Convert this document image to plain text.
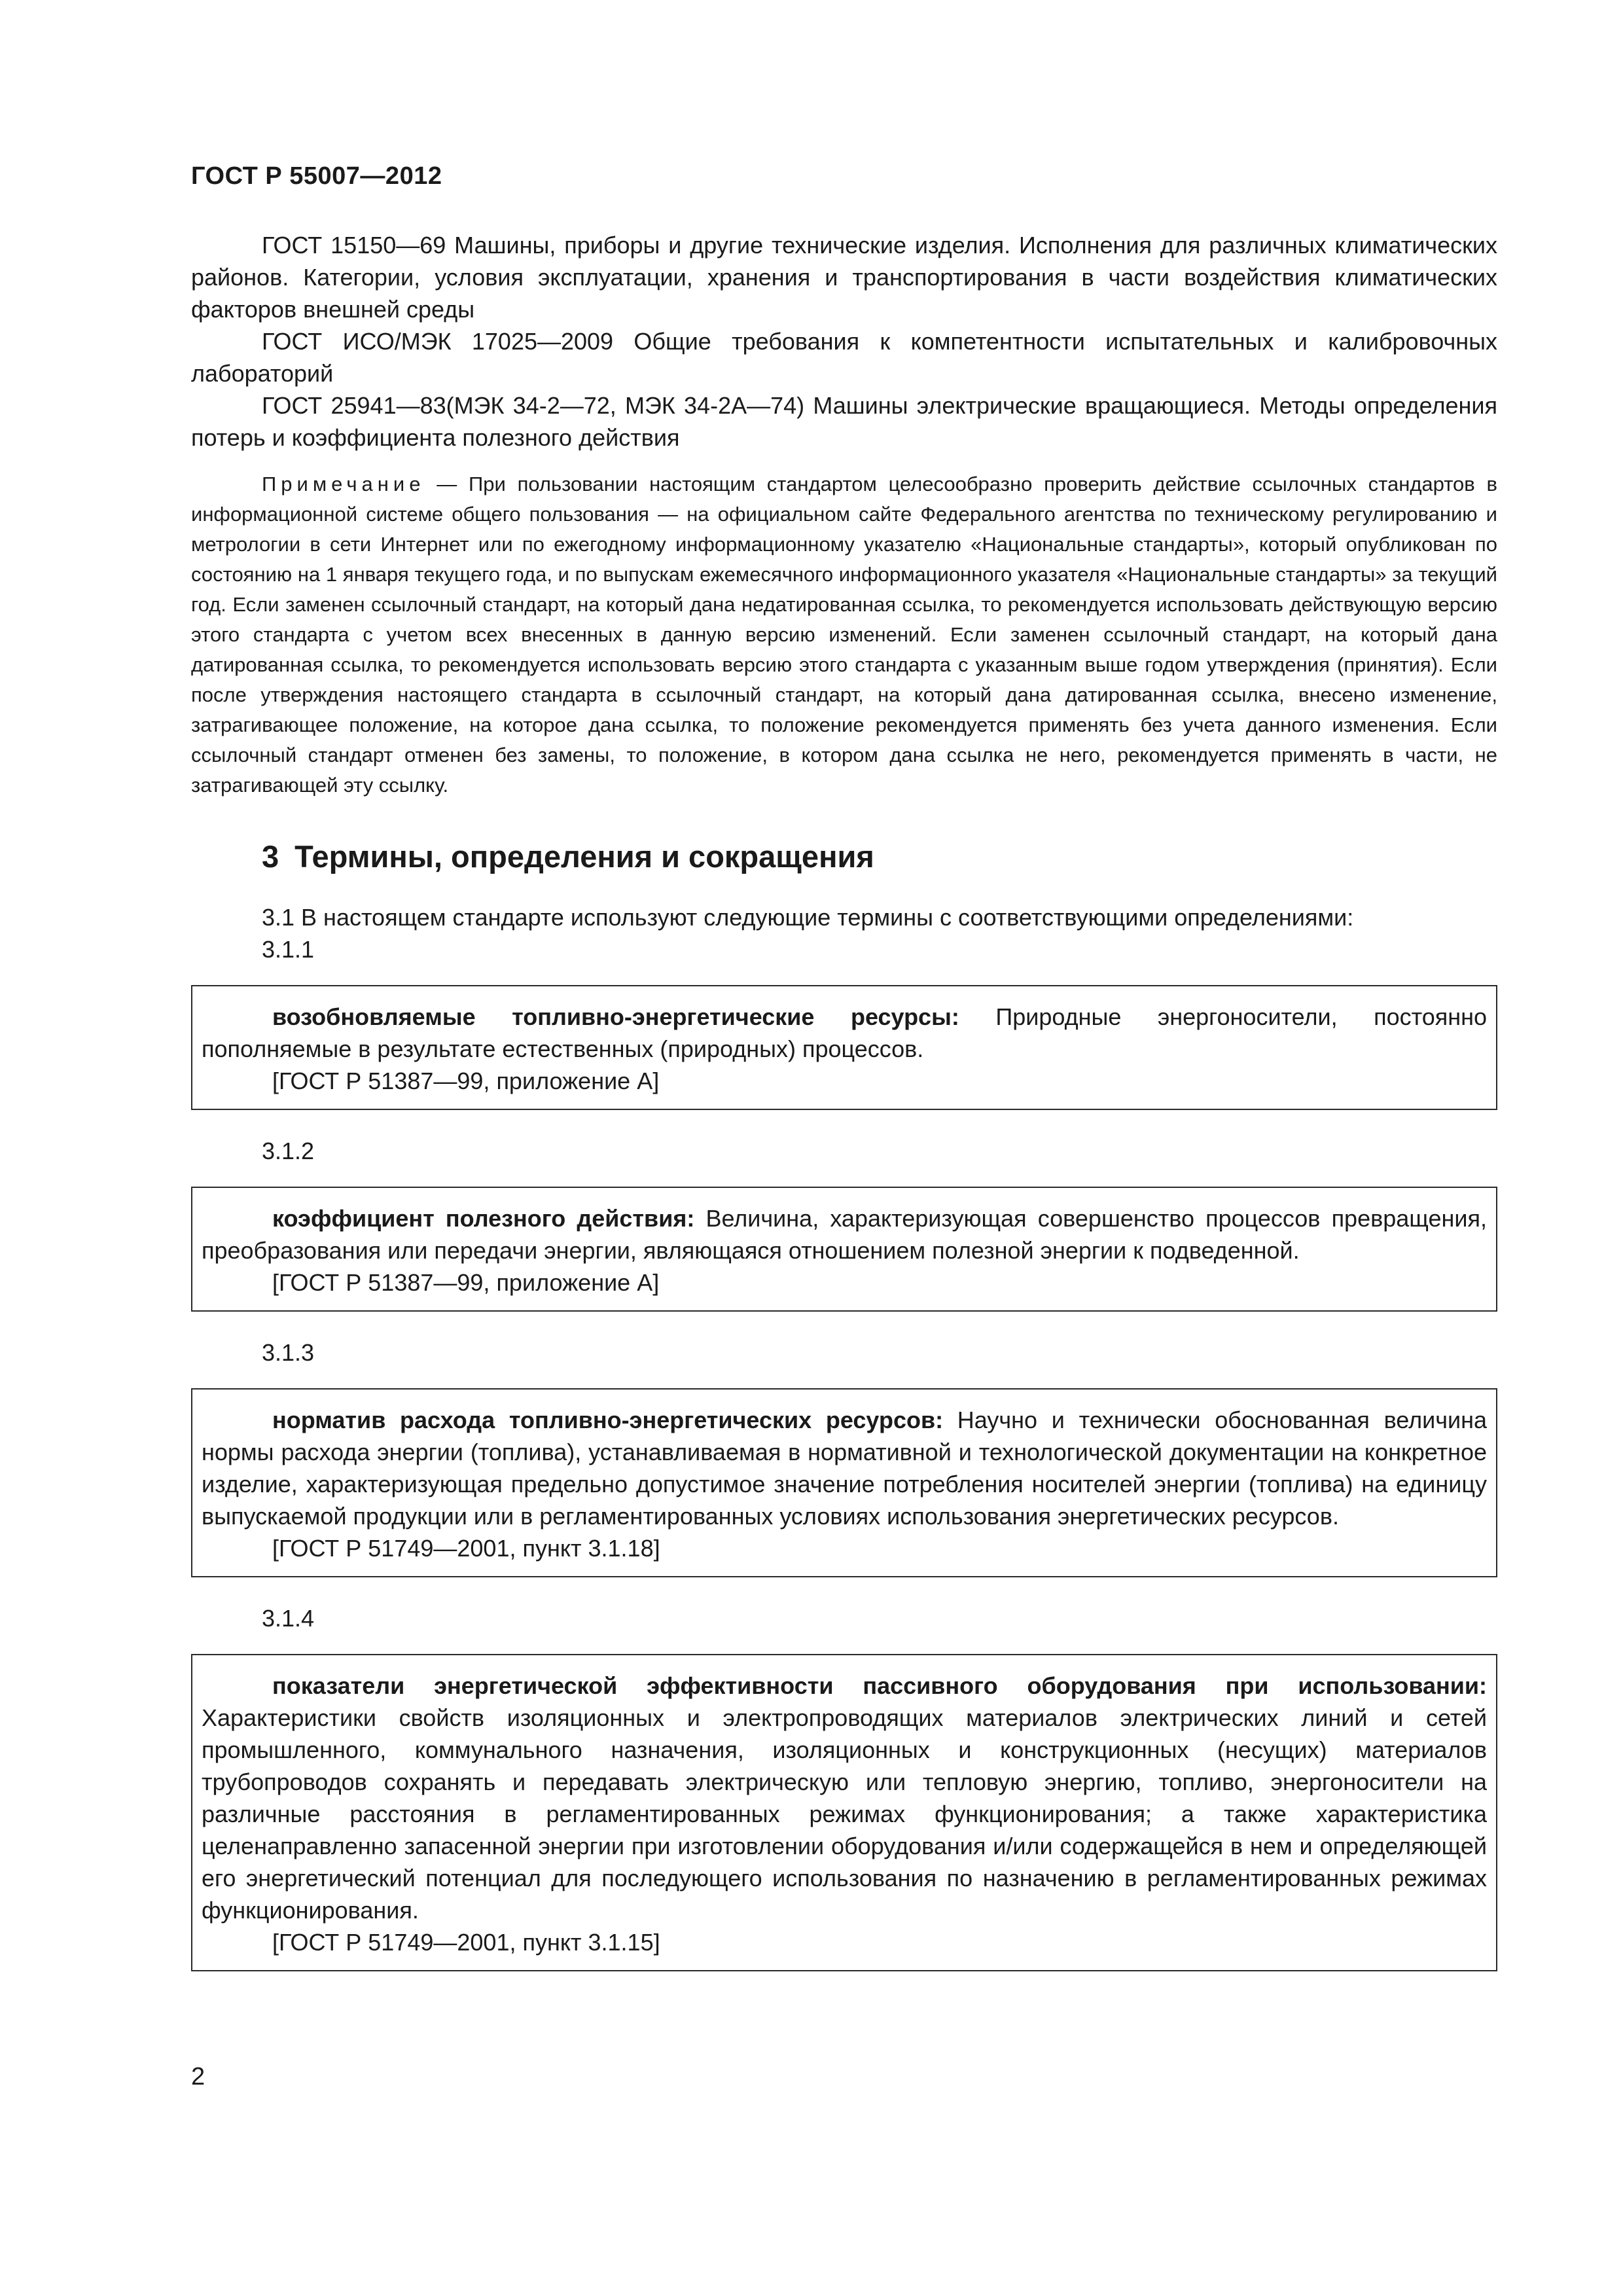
ГОСТ Р 55007—2012

ГОСТ 15150—69 Машины, приборы и другие технические изделия. Исполнения для различных климатических районов. Категории, условия эксплуатации, хранения и транспортирования в части воздействия климатических факторов внешней среды

ГОСТ ИСО/МЭК 17025—2009 Общие требования к компетентности испытательных и калибровочных лабораторий

ГОСТ 25941—83(МЭК 34-2—72, МЭК 34-2А—74) Машины электрические вращающиеся. Методы определения потерь и коэффициента полезного действия

Примечание — При пользовании настоящим стандартом целесообразно проверить действие ссылочных стандартов в информационной системе общего пользования — на официальном сайте Федерального агентства по техническому регулированию и метрологии в сети Интернет или по ежегодному информационному указателю «Национальные стандарты», который опубликован по состоянию на 1 января текущего года, и по выпускам ежемесячного информационного указателя «Национальные стандарты» за текущий год. Если заменен ссылочный стандарт, на который дана недатированная ссылка, то рекомендуется использовать действующую версию этого стандарта с учетом всех внесенных в данную версию изменений. Если заменен ссылочный стандарт, на который дана датированная ссылка, то рекомендуется использовать версию этого стандарта с указанным выше годом утверждения (принятия). Если после утверждения настоящего стандарта в ссылочный стандарт, на который дана датированная ссылка, внесено изменение, затрагивающее положение, на которое дана ссылка, то положение рекомендуется применять без учета данного изменения. Если ссылочный стандарт отменен без замены, то положение, в котором дана ссылка не него, рекомендуется применять в части, не затрагивающей эту ссылку.

3 Термины, определения и сокращения

3.1 В настоящем стандарте используют следующие термины с соответствующими определениями:

3.1.1

возобновляемые топливно-энергетические ресурсы: Природные энергоносители, постоянно пополняемые в результате естественных (природных) процессов.

[ГОСТ Р 51387—99, приложение А]

3.1.2

коэффициент полезного действия: Величина, характеризующая совершенство процессов превращения, преобразования или передачи энергии, являющаяся отношением полезной энергии к подведенной.

[ГОСТ Р 51387—99, приложение А]

3.1.3

норматив расхода топливно-энергетических ресурсов: Научно и технически обоснованная величина нормы расхода энергии (топлива), устанавливаемая в нормативной и технологической документации на конкретное изделие, характеризующая предельно допустимое значение потребления носителей энергии (топлива) на единицу выпускаемой продукции или в регламентированных условиях использования энергетических ресурсов.

[ГОСТ Р 51749—2001, пункт 3.1.18]

3.1.4

показатели энергетической эффективности пассивного оборудования при использовании: Характеристики свойств изоляционных и электропроводящих материалов электрических линий и сетей промышленного, коммунального назначения, изоляционных и конструкционных (несущих) материалов трубопроводов сохранять и передавать электрическую или тепловую энергию, топливо, энергоносители на различные расстояния в регламентированных режимах функционирования; а также характеристика целенаправленно запасенной энергии при изготовлении оборудования и/или содержащейся в нем и определяющей его энергетический потенциал для последующего использования по назначению в регламентированных режимах функционирования.

[ГОСТ Р 51749—2001, пункт 3.1.15]

2
